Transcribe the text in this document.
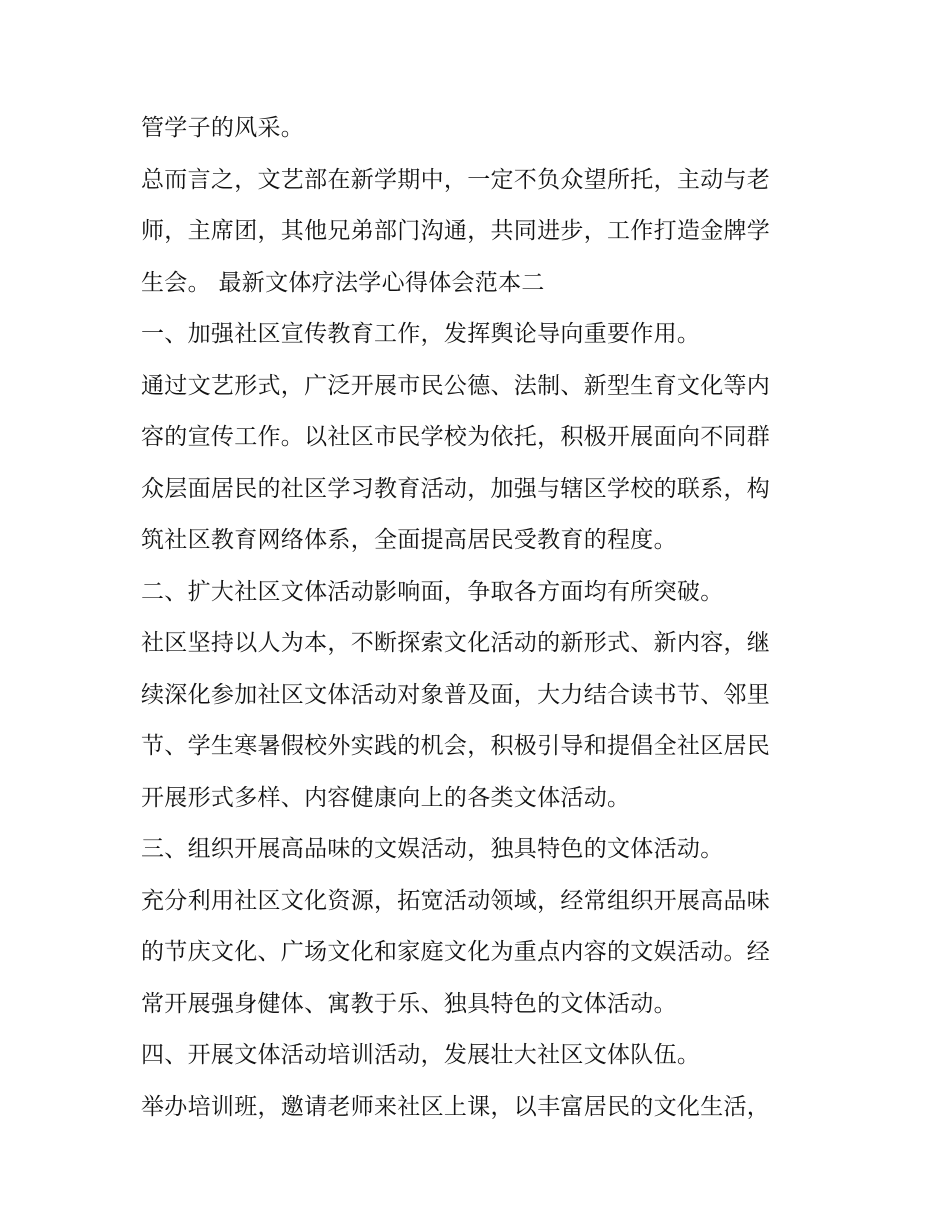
管学子的风采。

总而言之，文艺部在新学期中，一定不负众望所托，主动与老

师，主席团，其他兄弟部门沟通，共同进步，工作打造金牌学

生会。 最新文体疗法学心得体会范本二

一、加强社区宣传教育工作，发挥舆论导向重要作用。

通过文艺形式，广泛开展市民公德、法制、新型生育文化等内

容的宣传工作。以社区市民学校为依托，积极开展面向不同群

众层面居民的社区学习教育活动，加强与辖区学校的联系，构

筑社区教育网络体系，全面提高居民受教育的程度。

二、扩大社区文体活动影响面，争取各方面均有所突破。

社区坚持以人为本，不断探索文化活动的新形式、新内容，继

续深化参加社区文体活动对象普及面，大力结合读书节、邻里

节、学生寒暑假校外实践的机会，积极引导和提倡全社区居民

开展形式多样、内容健康向上的各类文体活动。

三、组织开展高品味的文娱活动，独具特色的文体活动。

充分利用社区文化资源，拓宽活动领域，经常组织开展高品味

的节庆文化、广场文化和家庭文化为重点内容的文娱活动。经

常开展强身健体、寓教于乐、独具特色的文体活动。

四、开展文体活动培训活动，发展壮大社区文体队伍。

举办培训班，邀请老师来社区上课，以丰富居民的文化生活，
